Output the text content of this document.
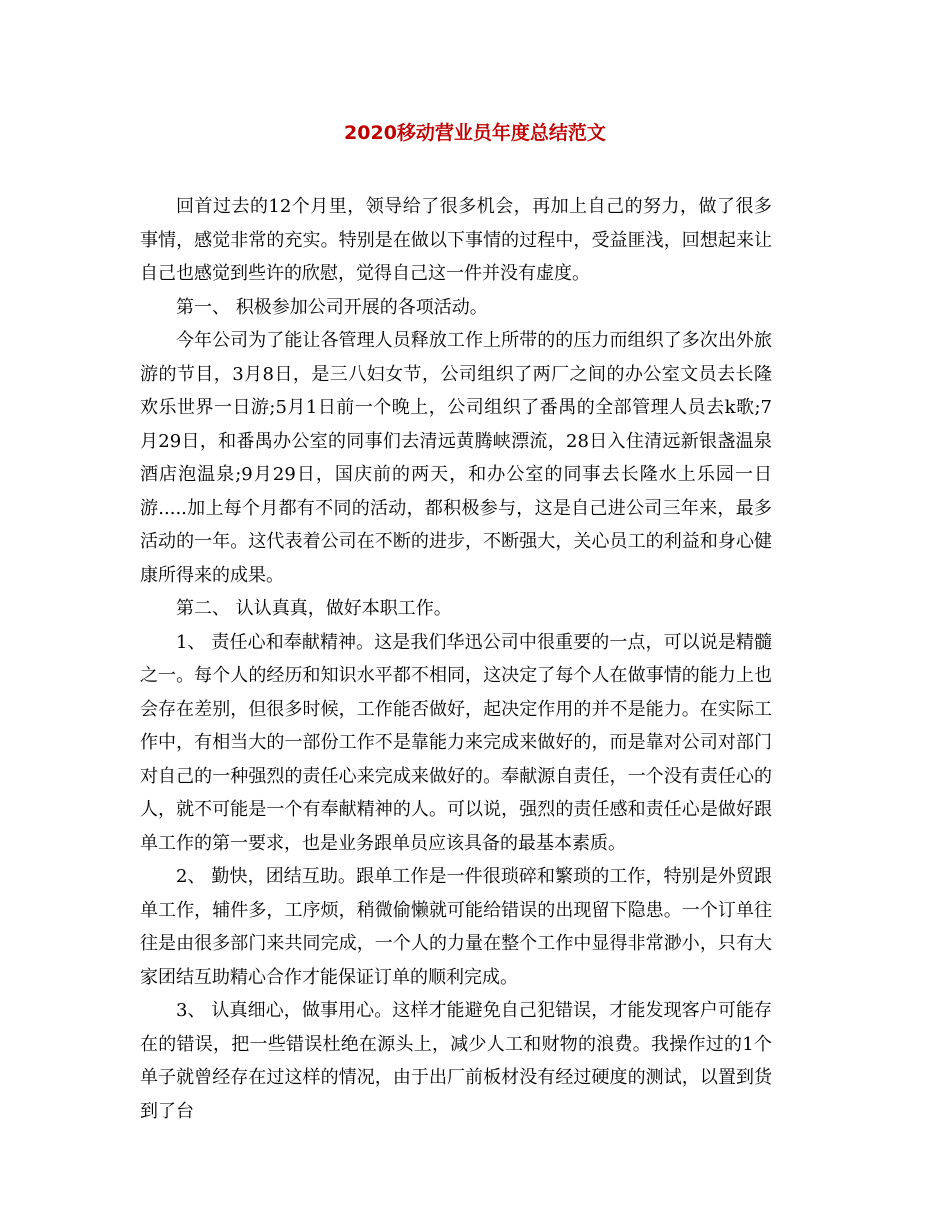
2020移动营业员年度总结范文

回首过去的12个月里，领导给了很多机会，再加上自己的努力，做了很多事情，感觉非常的充实。特别是在做以下事情的过程中，受益匪浅，回想起来让自己也感觉到些许的欣慰，觉得自己这一件并没有虚度。

第一、 积极参加公司开展的各项活动。

今年公司为了能让各管理人员释放工作上所带的的压力而组织了多次出外旅游的节目，3月8日，是三八妇女节，公司组织了两厂之间的办公室文员去长隆欢乐世界一日游;5月1日前一个晚上，公司组织了番禺的全部管理人员去k歌;7月29日，和番禺办公室的同事们去清远黄腾峡漂流，28日入住清远新银盏温泉酒店泡温泉;9月29日，国庆前的两天，和办公室的同事去长隆水上乐园一日游.....加上每个月都有不同的活动，都积极参与，这是自己进公司三年来，最多活动的一年。这代表着公司在不断的进步，不断强大，关心员工的利益和身心健康所得来的成果。

第二、 认认真真，做好本职工作。

1、 责任心和奉献精神。这是我们华迅公司中很重要的一点，可以说是精髓之一。每个人的经历和知识水平都不相同，这决定了每个人在做事情的能力上也会存在差别，但很多时候，工作能否做好，起决定作用的并不是能力。在实际工作中，有相当大的一部份工作不是靠能力来完成来做好的，而是靠对公司对部门对自己的一种强烈的责任心来完成来做好的。奉献源自责任，一个没有责任心的人，就不可能是一个有奉献精神的人。可以说，强烈的责任感和责任心是做好跟单工作的第一要求，也是业务跟单员应该具备的最基本素质。

2、 勤快，团结互助。跟单工作是一件很琐碎和繁琐的工作，特别是外贸跟单工作，辅件多，工序烦，稍微偷懒就可能给错误的出现留下隐患。一个订单往往是由很多部门来共同完成，一个人的力量在整个工作中显得非常渺小，只有大家团结互助精心合作才能保证订单的顺利完成。

3、 认真细心，做事用心。这样才能避免自己犯错误，才能发现客户可能存在的错误，把一些错误杜绝在源头上，减少人工和财物的浪费。我操作过的1个单子就曾经存在过这样的情况，由于出厂前板材没有经过硬度的测试，以置到货到了台
